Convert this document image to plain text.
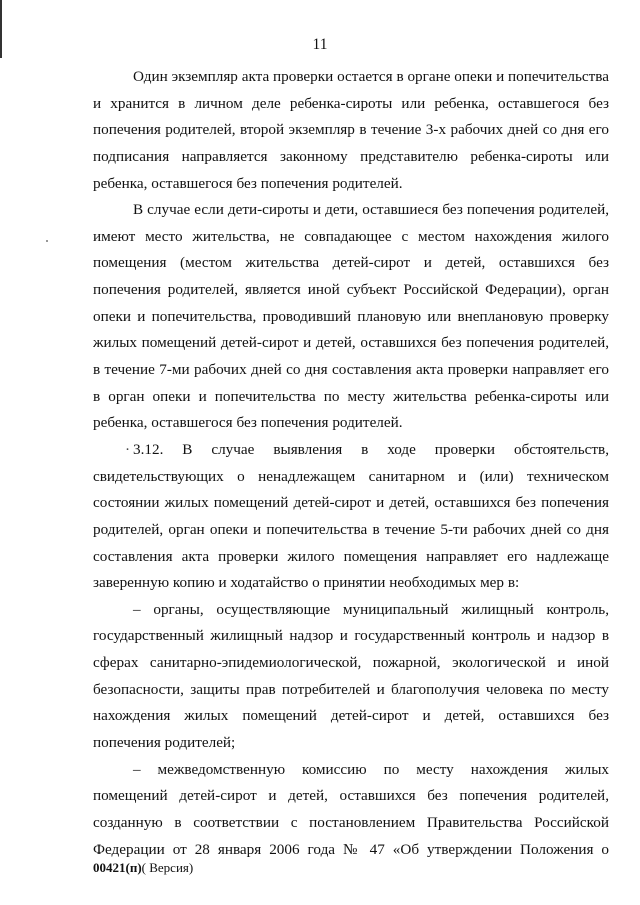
11
Один экземпляр акта проверки остается в органе опеки и попечительства
и хранится в личном деле ребенка-сироты или ребенка, оставшегося без
попечения родителей, второй экземпляр в течение 3-х рабочих дней со дня его
подписания направляется законному представителю ребенка-сироты или
ребенка, оставшегося без попечения родителей.
В случае если дети-сироты и дети, оставшиеся без попечения родителей,
имеют место жительства, не совпадающее с местом нахождения жилого
помещения (местом жительства детей-сирот и детей, оставшихся без
попечения родителей, является иной субъект Российской Федерации), орган
опеки и попечительства, проводивший плановую или внеплановую проверку
жилых помещений детей-сирот и детей, оставшихся без попечения родителей,
в течение 7-ми рабочих дней со дня составления акта проверки направляет его
в орган опеки и попечительства по месту жительства ребенка-сироты или
ребенка, оставшегося без попечения родителей.
· 3.12. В случае выявления в ходе проверки обстоятельств,
свидетельствующих о ненадлежащем санитарном и (или) техническом
состоянии жилых помещений детей-сирот и детей, оставшихся без попечения
родителей, орган опеки и попечительства в течение 5-ти рабочих дней со дня
составления акта проверки жилого помещения направляет его надлежаще
заверенную копию и ходатайство о принятии необходимых мер в:
– органы, осуществляющие муниципальный жилищный контроль,
государственный жилищный надзор и государственный контроль и надзор в
сферах санитарно-эпидемиологической, пожарной, экологической и иной
безопасности, защиты прав потребителей и благополучия человека по месту
нахождения жилых помещений детей-сирот и детей, оставшихся без
попечения родителей;
– межведомственную комиссию по месту нахождения жилых
помещений детей-сирот и детей, оставшихся без попечения родителей,
созданную в соответствии с постановлением Правительства Российской
Федерации от 28 января 2006 года № 47 «Об утверждении Положения о
00421(п)( Версия)
